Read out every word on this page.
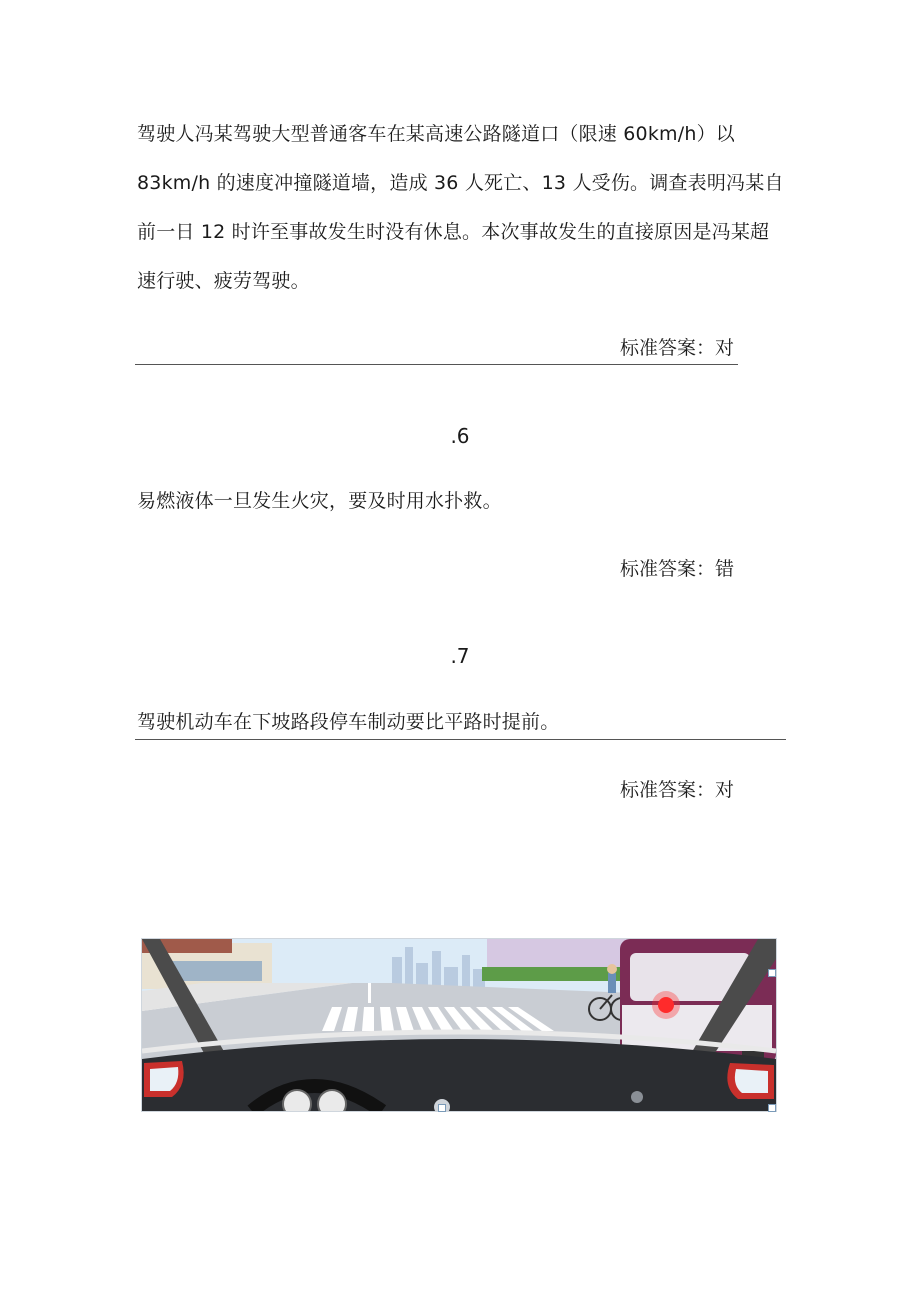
驾驶人冯某驾驶大型普通客车在某高速公路隧道口（限速 60km/h）以 83km/h 的速度冲撞隧道墙，造成 36 人死亡、13 人受伤。调查表明冯某自前一日 12 时许至事故发生时没有休息。本次事故发生的直接原因是冯某超速行驶、疲劳驾驶。

标准答案：对
.6

易燃液体一旦发生火灾，要及时用水扑救。

标准答案：错
.7

驾驶机动车在下坡路段停车制动要比平路时提前。

标准答案：对
